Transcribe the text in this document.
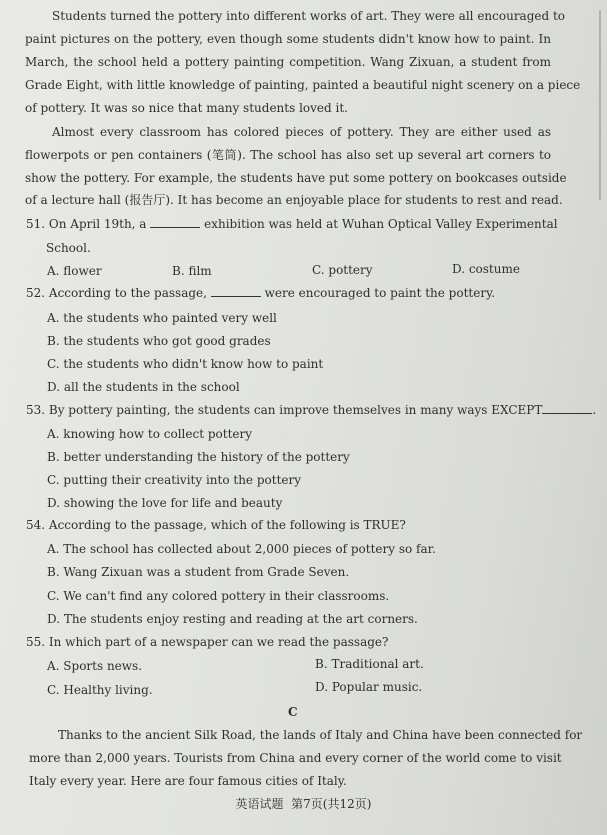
Students turned the pottery into different works of art. They were all encouraged to
paint pictures on the pottery, even though some students didn't know how to paint. In
March, the school held a pottery painting competition. Wang Zixuan, a student from
Grade Eight, with little knowledge of painting, painted a beautiful night scenery on a piece
of pottery. It was so nice that many students loved it.
Almost every classroom has colored pieces of pottery. They are either used as
flowerpots or pen containers (笔筒). The school has also set up several art corners to
show the pottery. For example, the students have put some pottery on bookcases outside
of a lecture hall (报告厅). It has become an enjoyable place for students to rest and read.
51. On April 19th, a	exhibition was held at Wuhan Optical Valley Experimental
School.
A. flower	B. film	C. pottery	D. costume
52. According to the passage,	were encouraged to paint the pottery.
A. the students who painted very well
B. the students who got good grades
C. the students who didn't know how to paint
D. all the students in the school
53. By pottery painting, the students can improve themselves in many ways EXCEPT	.
A. knowing how to collect pottery
B. better understanding the history of the pottery
C. putting their creativity into the pottery
D. showing the love for life and beauty
54. According to the passage, which of the following is TRUE?
A. The school has collected about 2,000 pieces of pottery so far.
B. Wang Zixuan was a student from Grade Seven.
C. We can't find any colored pottery in their classrooms.
D. The students enjoy resting and reading at the art corners.
55. In which part of a newspaper can we read the passage?
A. Sports news.	B. Traditional art.
C. Healthy living.	D. Popular music.
C
Thanks to the ancient Silk Road, the lands of Italy and China have been connected for
more than 2,000 years. Tourists from China and every corner of the world come to visit
Italy every year. Here are four famous cities of Italy.
英语试题  第7页(共12页)
